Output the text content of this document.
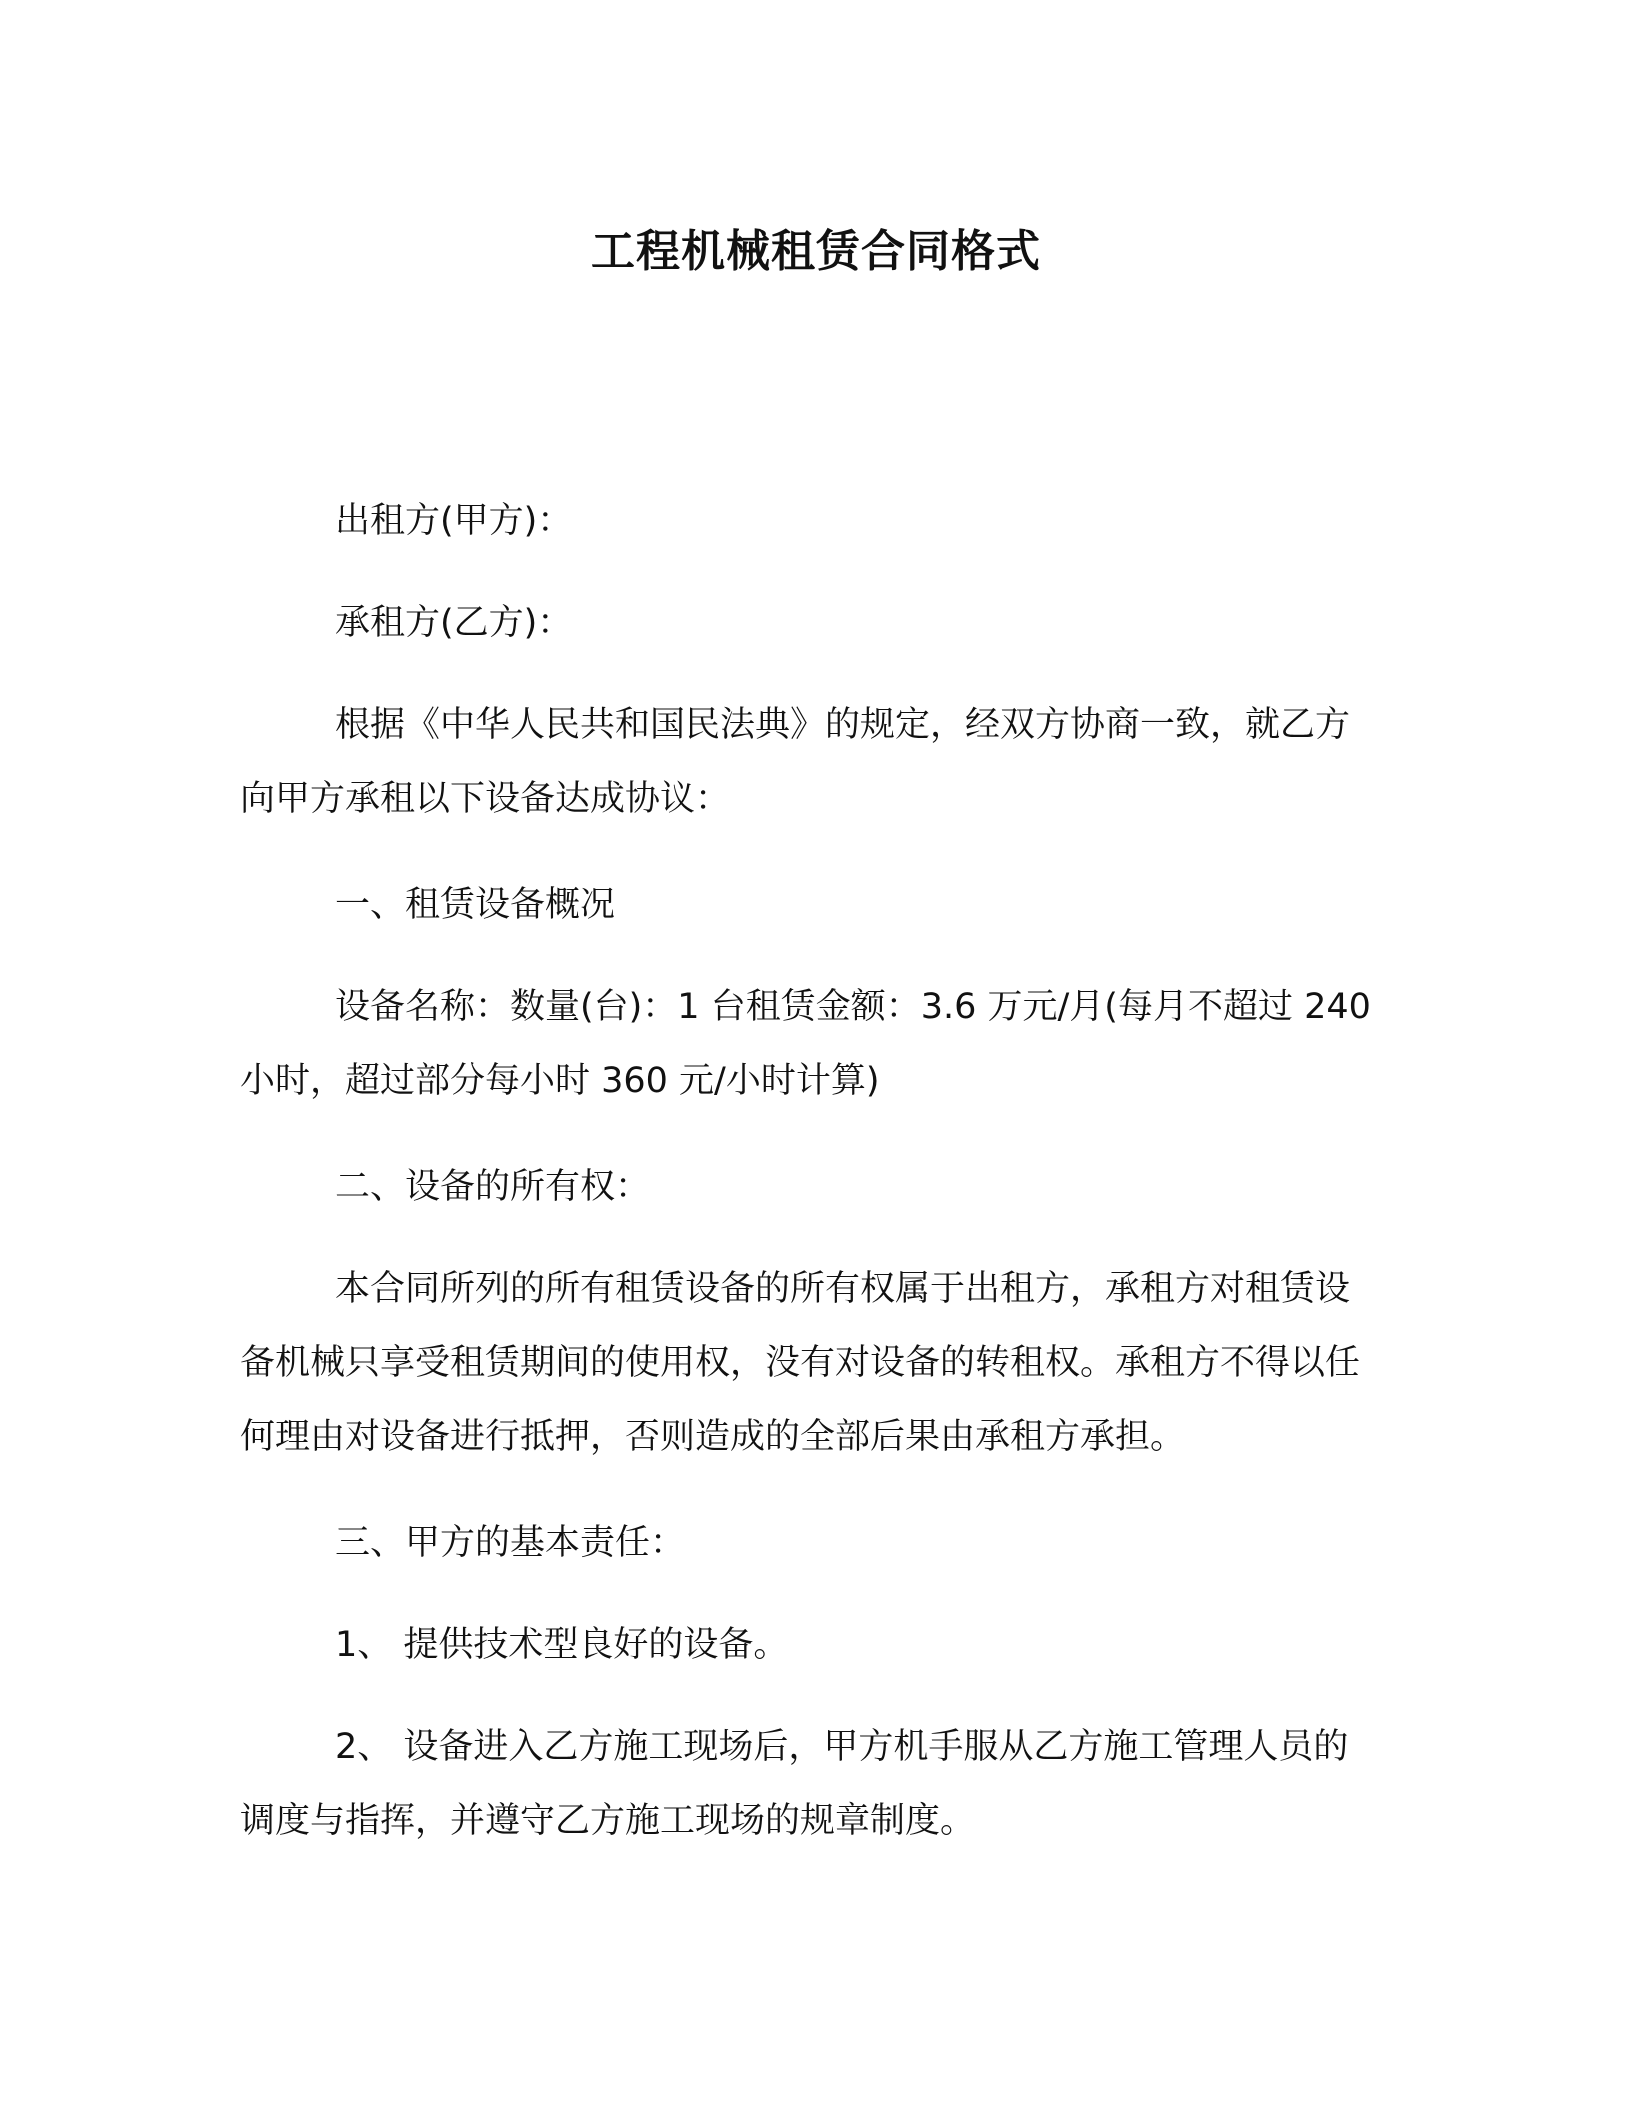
工程机械租赁合同格式
出租方(甲方)：
承租方(乙方)：
根据《中华人民共和国民法典》的规定，经双方协商一致，就乙方向甲方承租以下设备达成协议：
一、租赁设备概况
设备名称：数量(台)：1 台租赁金额：3.6 万元/月(每月不超过 240 小时，超过部分每小时 360 元/小时计算)
二、设备的所有权：
本合同所列的所有租赁设备的所有权属于出租方，承租方对租赁设备机械只享受租赁期间的使用权，没有对设备的转租权。承租方不得以任何理由对设备进行抵押，否则造成的全部后果由承租方承担。
三、甲方的基本责任：
1、 提供技术型良好的设备。
2、 设备进入乙方施工现场后，甲方机手服从乙方施工管理人员的调度与指挥，并遵守乙方施工现场的规章制度。
